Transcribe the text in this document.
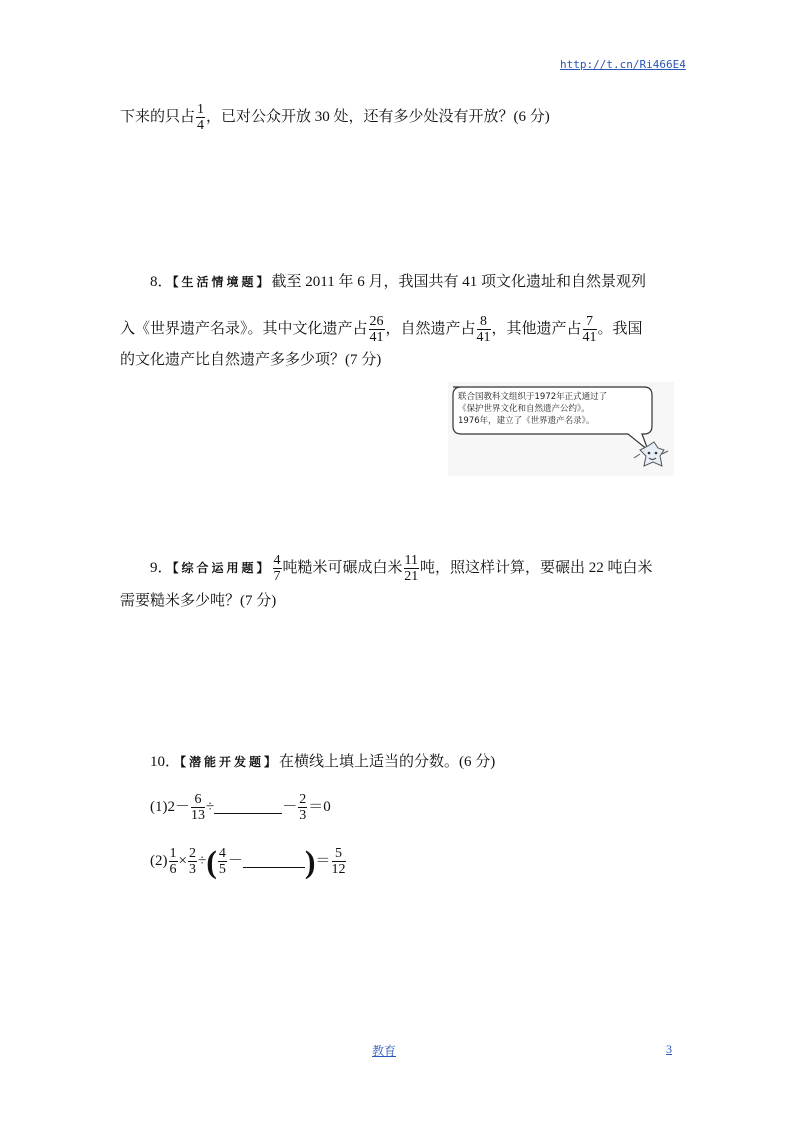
http://t.cn/Ri466E4
下来的只占 $\frac{1}{4}$ ，已对公众开放 30 处，还有多少处没有开放？(6 分)
8．【生活情境题】截至 2011 年 6 月，我国共有 41 项文化遗址和自然景观列
入《世界遗产名录》。其中文化遗产占 $\frac{26}{41}$ ，自然遗产占 $\frac{8}{41}$ ，其他遗产占 $\frac{7}{41}$ 。我国
的文化遗产比自然遗产多多少项？(7 分)
联合国教科文组织于1972年正式通过了
《保护世界文化和自然遗产公约》。
1976年，建立了《世界遗产名录》。
9．【综合运用题】 $\frac{4}{7}$ 吨糙米可碾成白米 $\frac{11}{21}$ 吨，照这样计算，要碾出 22 吨白米
需要糙米多少吨？(7 分)
10．【潜能开发题】在横线上填上适当的分数。(6 分)
$(1)2- \frac{6}{13}$ ÷	－ $\frac{2}{3} =0$
$(2) \frac{1}{6} \times \frac{2}{3}$ ÷( $\frac{4}{5}$ － )＝ $\frac{5}{12}$
教育	3
